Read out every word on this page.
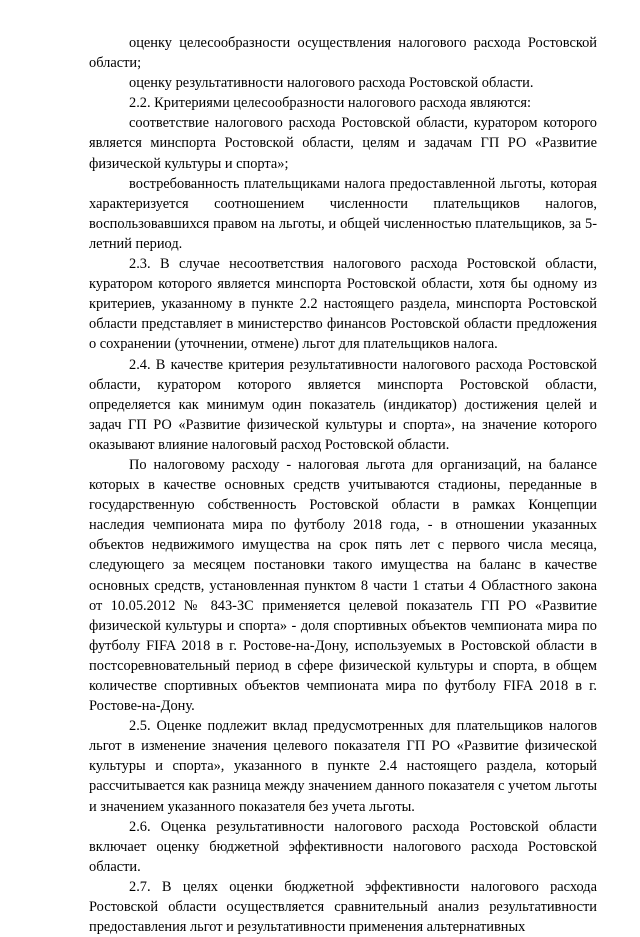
оценку целесообразности осуществления налогового расхода Ростовской области;

оценку результативности налогового расхода Ростовской области.

2.2. Критериями целесообразности налогового расхода являются:

соответствие налогового расхода Ростовской области, куратором которого является минспорта Ростовской области, целям и задачам ГП РО «Развитие физической культуры и спорта»;

востребованность плательщиками налога предоставленной льготы, которая характеризуется соотношением численности плательщиков налогов, воспользовавшихся правом на льготы, и общей численностью плательщиков, за 5-летний период.

2.3. В случае несоответствия налогового расхода Ростовской области, куратором которого является минспорта Ростовской области, хотя бы одному из критериев, указанному в пункте 2.2 настоящего раздела, минспорта Ростовской области представляет в министерство финансов Ростовской области предложения о сохранении (уточнении, отмене) льгот для плательщиков налога.

2.4. В качестве критерия результативности налогового расхода Ростовской области, куратором которого является минспорта Ростовской области, определяется как минимум один показатель (индикатор) достижения целей и задач ГП РО «Развитие физической культуры и спорта», на значение которого оказывают влияние налоговый расход Ростовской области.

По налоговому расходу - налоговая льгота для организаций, на балансе которых в качестве основных средств учитываются стадионы, переданные в государственную собственность Ростовской области в рамках Концепции наследия чемпионата мира по футболу 2018 года, - в отношении указанных объектов недвижимого имущества на срок пять лет с первого числа месяца, следующего за месяцем постановки такого имущества на баланс в качестве основных средств, установленная пунктом 8 части 1 статьи 4 Областного закона от 10.05.2012 № 843-ЗС применяется целевой показатель ГП РО «Развитие физической культуры и спорта» - доля спортивных объектов чемпионата мира по футболу FIFA 2018 в г. Ростове-на-Дону, используемых в Ростовской области в постсоревновательный период в сфере физической культуры и спорта, в общем количестве спортивных объектов чемпионата мира по футболу FIFA 2018 в г. Ростове-на-Дону.

2.5. Оценке подлежит вклад предусмотренных для плательщиков налогов льгот в изменение значения целевого показателя ГП РО «Развитие физической культуры и спорта», указанного в пункте 2.4 настоящего раздела, который рассчитывается как разница между значением данного показателя с учетом льготы и значением указанного показателя без учета льготы.

2.6. Оценка результативности налогового расхода Ростовской области включает оценку бюджетной эффективности налогового расхода Ростовской области.

2.7. В целях оценки бюджетной эффективности налогового расхода Ростовской области осуществляется сравнительный анализ результативности предоставления льгот и результативности применения альтернативных
